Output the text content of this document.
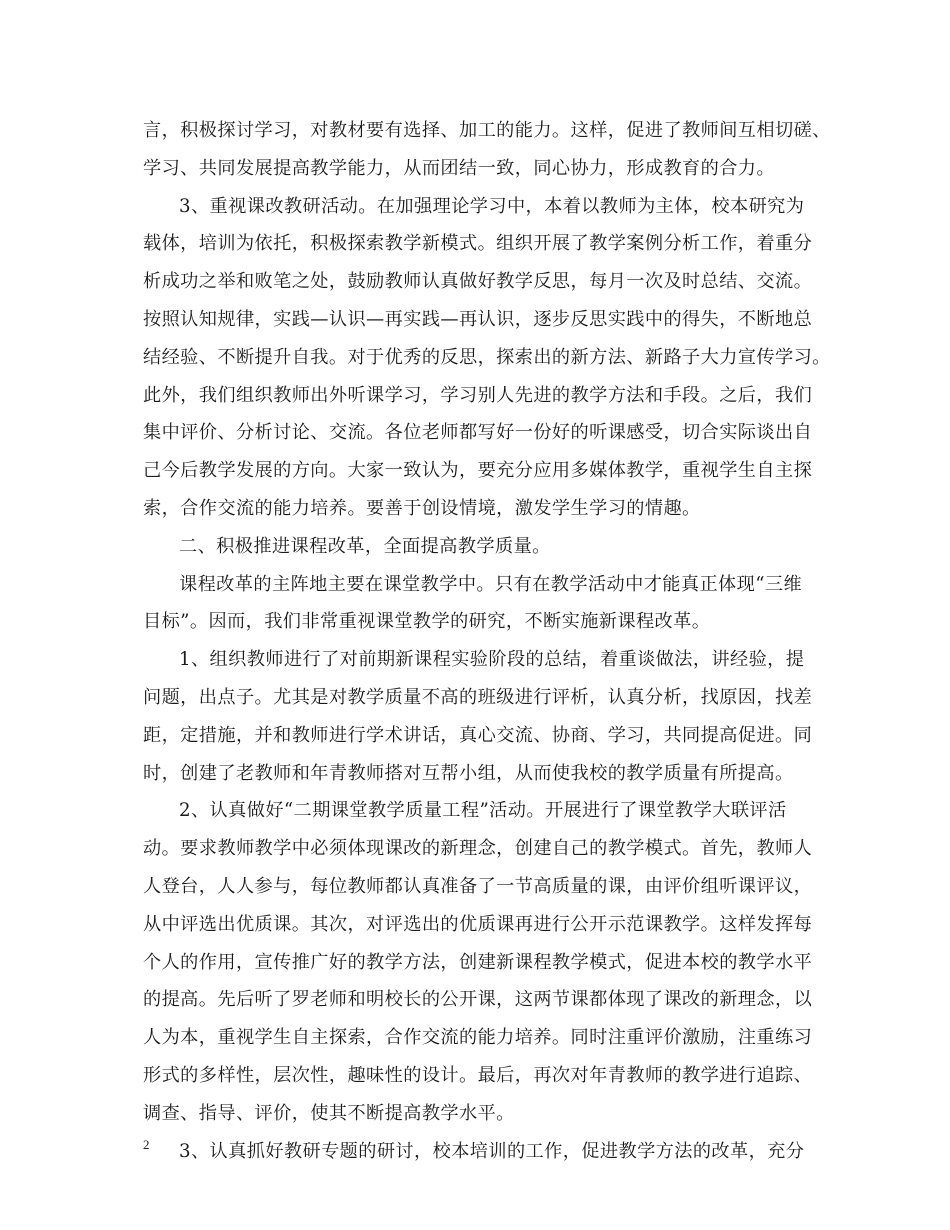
言，积极探讨学习，对教材要有选择、加工的能力。这样，促进了教师间互相切磋、
学习、共同发展提高教学能力，从而团结一致，同心协力，形成教育的合力。
3、重视课改教研活动。在加强理论学习中，本着以教师为主体，校本研究为
载体，培训为依托，积极探索教学新模式。组织开展了教学案例分析工作，着重分
析成功之举和败笔之处，鼓励教师认真做好教学反思，每月一次及时总结、交流。
按照认知规律，实践—认识—再实践—再认识，逐步反思实践中的得失，不断地总
结经验、不断提升自我。对于优秀的反思，探索出的新方法、新路子大力宣传学习。
此外，我们组织教师出外听课学习，学习别人先进的教学方法和手段。之后，我们
集中评价、分析讨论、交流。各位老师都写好一份好的听课感受，切合实际谈出自
己今后教学发展的方向。大家一致认为，要充分应用多媒体教学，重视学生自主探
索，合作交流的能力培养。要善于创设情境，激发学生学习的情趣。
二、积极推进课程改革，全面提高教学质量。
课程改革的主阵地主要在课堂教学中。只有在教学活动中才能真正体现“三维
目标”。因而，我们非常重视课堂教学的研究，不断实施新课程改革。
1、组织教师进行了对前期新课程实验阶段的总结，着重谈做法，讲经验，提
问题，出点子。尤其是对教学质量不高的班级进行评析，认真分析，找原因，找差
距，定措施，并和教师进行学术讲话，真心交流、协商、学习，共同提高促进。同
时，创建了老教师和年青教师搭对互帮小组，从而使我校的教学质量有所提高。
2、认真做好“二期课堂教学质量工程”活动。开展进行了课堂教学大联评活
动。要求教师教学中必须体现课改的新理念，创建自己的教学模式。首先，教师人
人登台，人人参与，每位教师都认真准备了一节高质量的课，由评价组听课评议，
从中评选出优质课。其次，对评选出的优质课再进行公开示范课教学。这样发挥每
个人的作用，宣传推广好的教学方法，创建新课程教学模式，促进本校的教学水平
的提高。先后听了罗老师和明校长的公开课，这两节课都体现了课改的新理念，以
人为本，重视学生自主探索，合作交流的能力培养。同时注重评价激励，注重练习
形式的多样性，层次性，趣味性的设计。最后，再次对年青教师的教学进行追踪、
调查、指导、评价，使其不断提高教学水平。
3、认真抓好教研专题的研讨，校本培训的工作，促进教学方法的改革，充分
2
